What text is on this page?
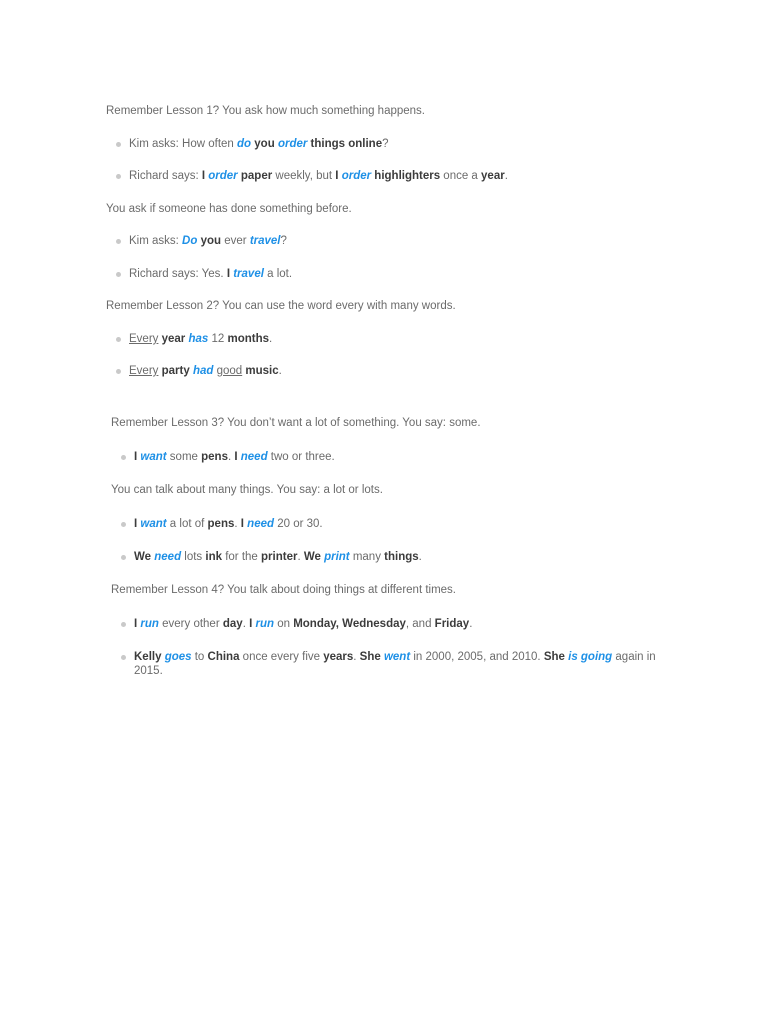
Remember Lesson 1? You ask how much something happens.

Kim asks: How often do you order things online?
Richard says: I order paper weekly, but I order highlighters once a year.

You ask if someone has done something before.

Kim asks: Do you ever travel?
Richard says: Yes. I travel a lot.

Remember Lesson 2? You can use the word every with many words.

Every year has 12 months.
Every party had good music.

Remember Lesson 3? You don’t want a lot of something. You say: some.

I want some pens. I need two or three.

You can talk about many things. You say: a lot or lots.

I want a lot of pens. I need 20 or 30.
We need lots ink for the printer. We print many things.

Remember Lesson 4? You talk about doing things at different times.

I run every other day. I run on Monday, Wednesday, and Friday.
Kelly goes to China once every five years. She went in 2000, 2005, and 2010. She is going again in 2015.
